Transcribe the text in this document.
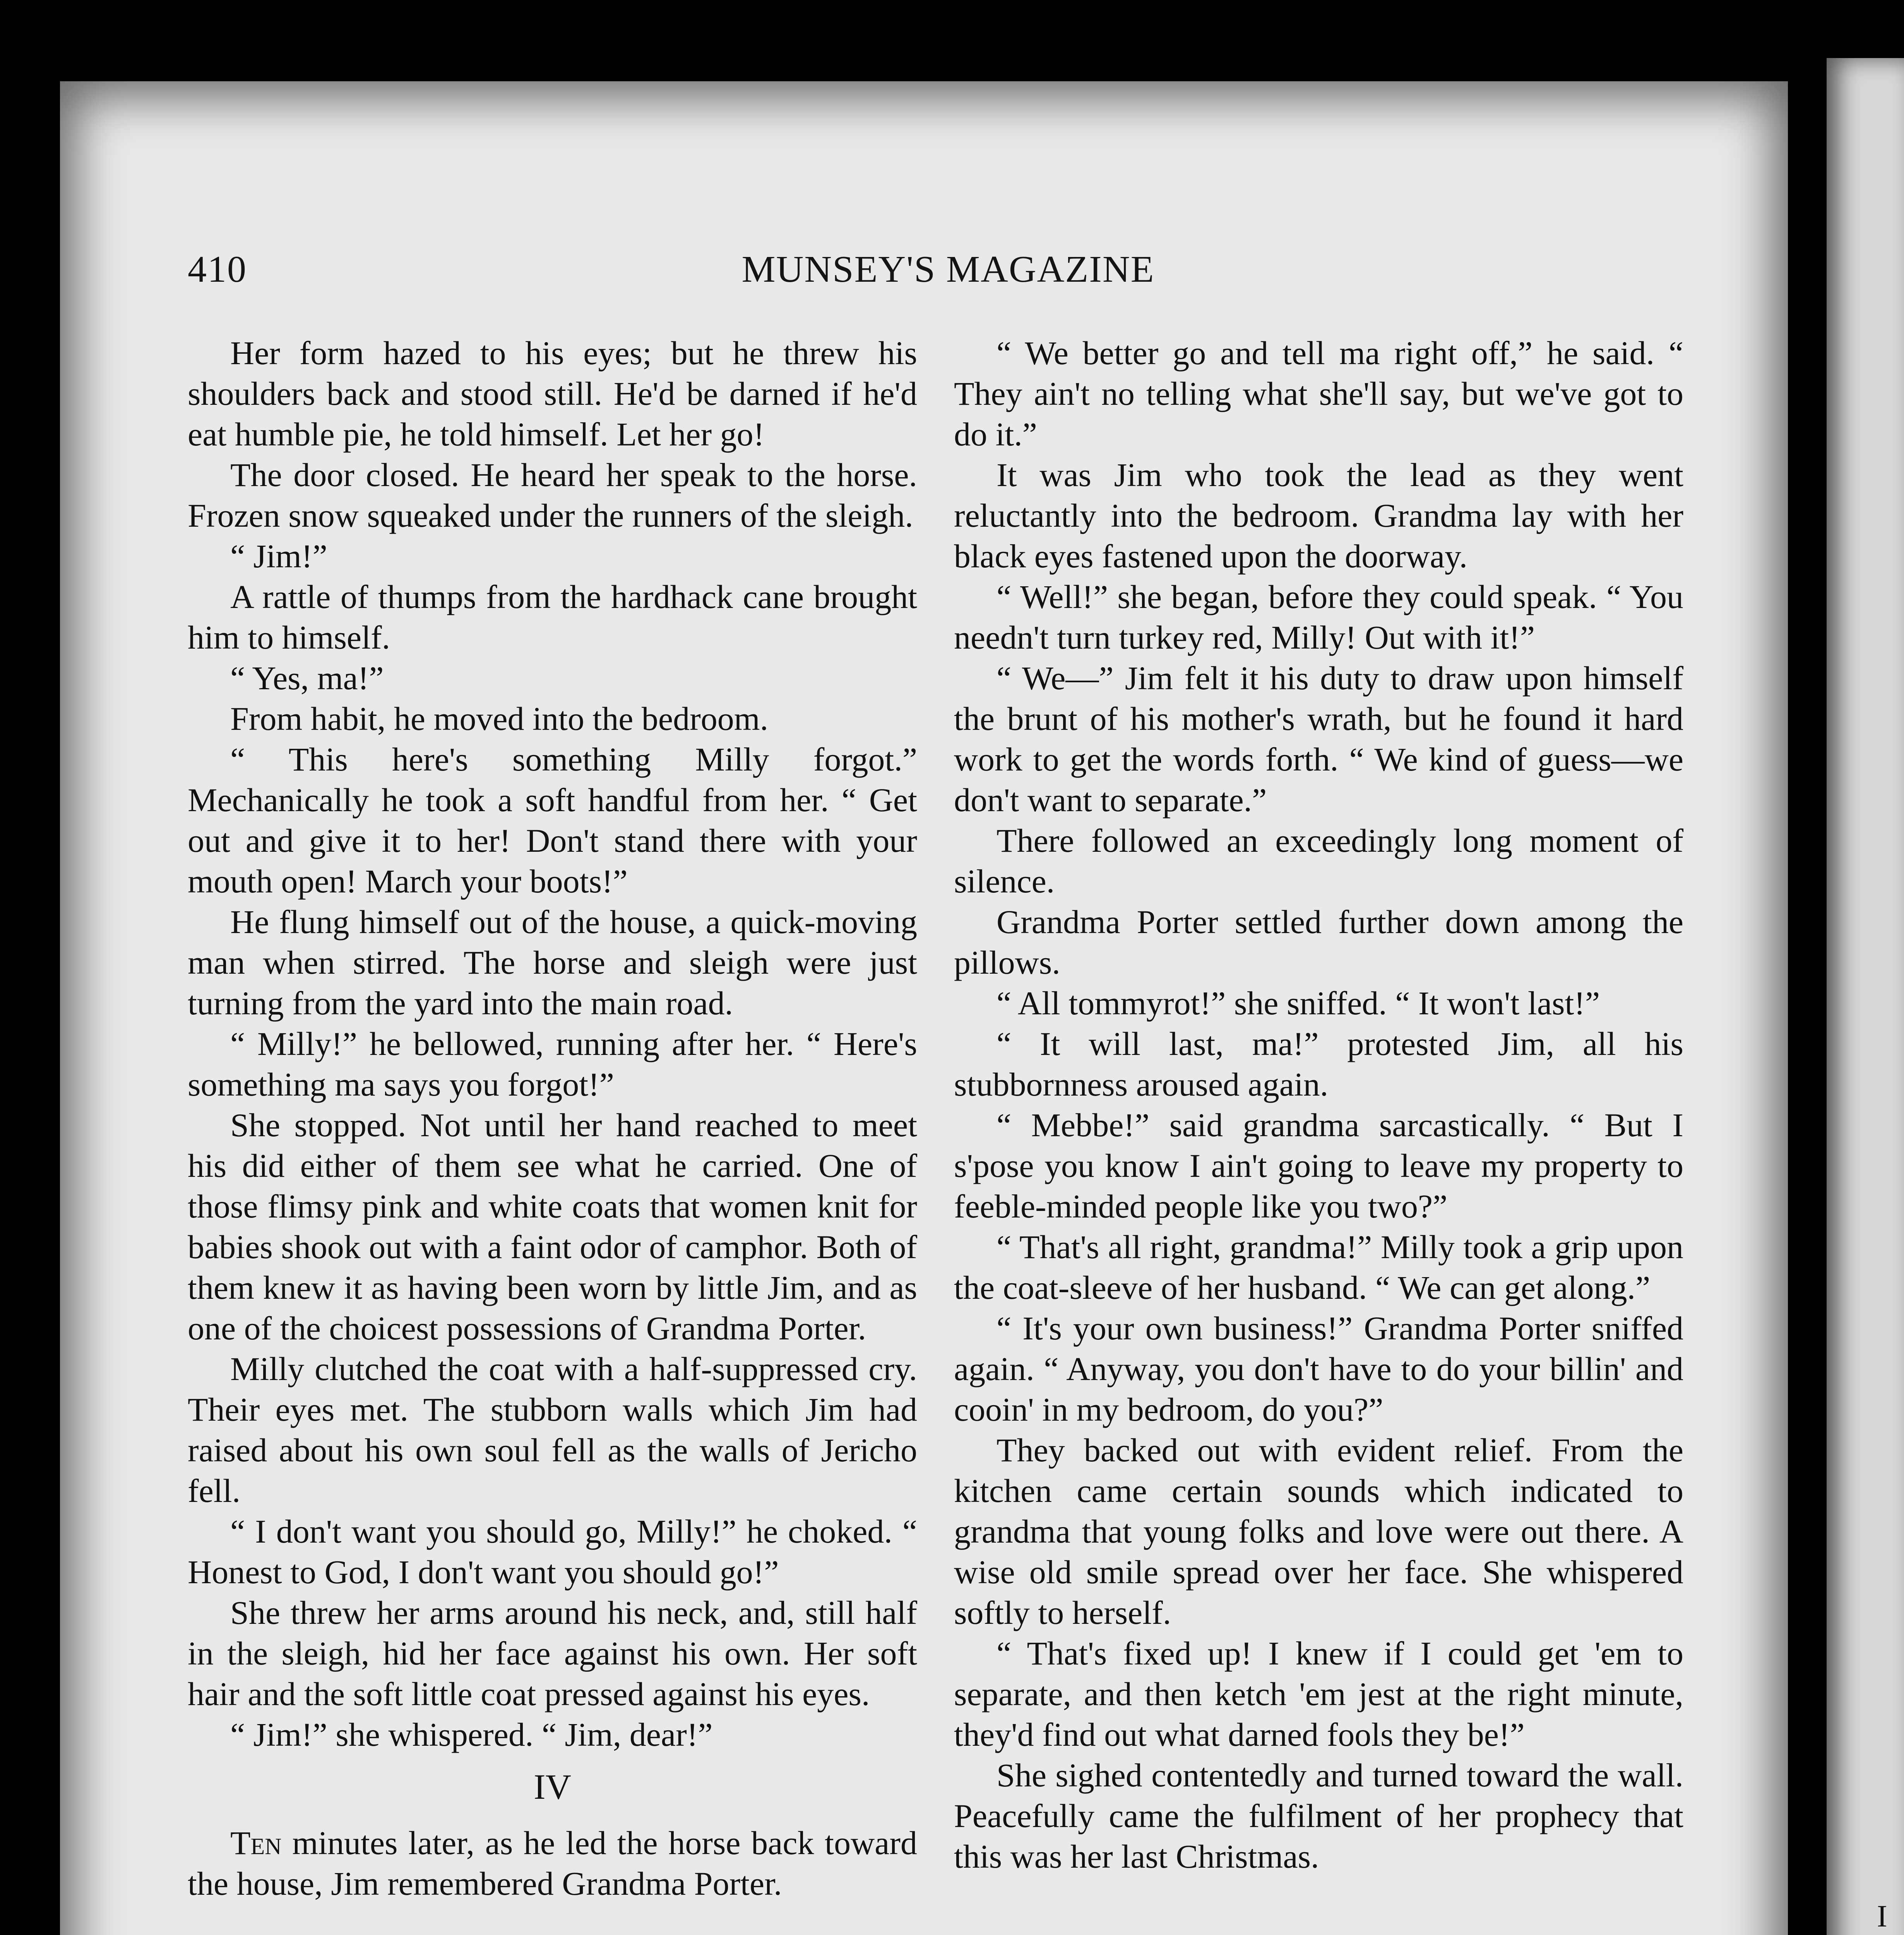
410	MUNSEY'S MAGAZINE

Her form hazed to his eyes; but he threw his shoulders back and stood still. He'd be darned if he'd eat humble pie, he told himself. Let her go!

The door closed. He heard her speak to the horse. Frozen snow squeaked under the runners of the sleigh.

“ Jim!”

A rattle of thumps from the hardhack cane brought him to himself.

“ Yes, ma!”

From habit, he moved into the bedroom.

“ This here's something Milly forgot.” Mechanically he took a soft handful from her. “ Get out and give it to her! Don't stand there with your mouth open! March your boots!”

He flung himself out of the house, a quick-moving man when stirred. The horse and sleigh were just turning from the yard into the main road.

“ Milly!” he bellowed, running after her. “ Here's something ma says you forgot!”

She stopped. Not until her hand reached to meet his did either of them see what he carried. One of those flimsy pink and white coats that women knit for babies shook out with a faint odor of camphor. Both of them knew it as having been worn by little Jim, and as one of the choicest possessions of Grandma Porter.

Milly clutched the coat with a half-suppressed cry. Their eyes met. The stubborn walls which Jim had raised about his own soul fell as the walls of Jericho fell.

“ I don't want you should go, Milly!” he choked. “ Honest to God, I don't want you should go!”

She threw her arms around his neck, and, still half in the sleigh, hid her face against his own. Her soft hair and the soft little coat pressed against his eyes.

“ Jim!” she whispered. “ Jim, dear!”

IV

Ten minutes later, as he led the horse back toward the house, Jim remembered Grandma Porter.

“ We better go and tell ma right off,” he said. “ They ain't no telling what she'll say, but we've got to do it.”

It was Jim who took the lead as they went reluctantly into the bedroom. Grandma lay with her black eyes fastened upon the doorway.

“ Well!” she began, before they could speak. “ You needn't turn turkey red, Milly! Out with it!”

“ We—” Jim felt it his duty to draw upon himself the brunt of his mother's wrath, but he found it hard work to get the words forth. “ We kind of guess—we don't want to separate.”

There followed an exceedingly long moment of silence.

Grandma Porter settled further down among the pillows.

“ All tommyrot!” she sniffed. “ It won't last!”

“ It will last, ma!” protested Jim, all his stubbornness aroused again.

“ Mebbe!” said grandma sarcastically. “ But I s'pose you know I ain't going to leave my property to feeble-minded people like you two?”

“ That's all right, grandma!” Milly took a grip upon the coat-sleeve of her husband. “ We can get along.”

“ It's your own business!” Grandma Porter sniffed again. “ Anyway, you don't have to do your billin' and cooin' in my bedroom, do you?”

They backed out with evident relief. From the kitchen came certain sounds which indicated to grandma that young folks and love were out there. A wise old smile spread over her face. She whispered softly to herself.

“ That's fixed up! I knew if I could get 'em to separate, and then ketch 'em jest at the right minute, they'd find out what darned fools they be!”

She sighed contentedly and turned toward the wall. Peacefully came the fulfilment of her prophecy that this was her last Christmas.

I
